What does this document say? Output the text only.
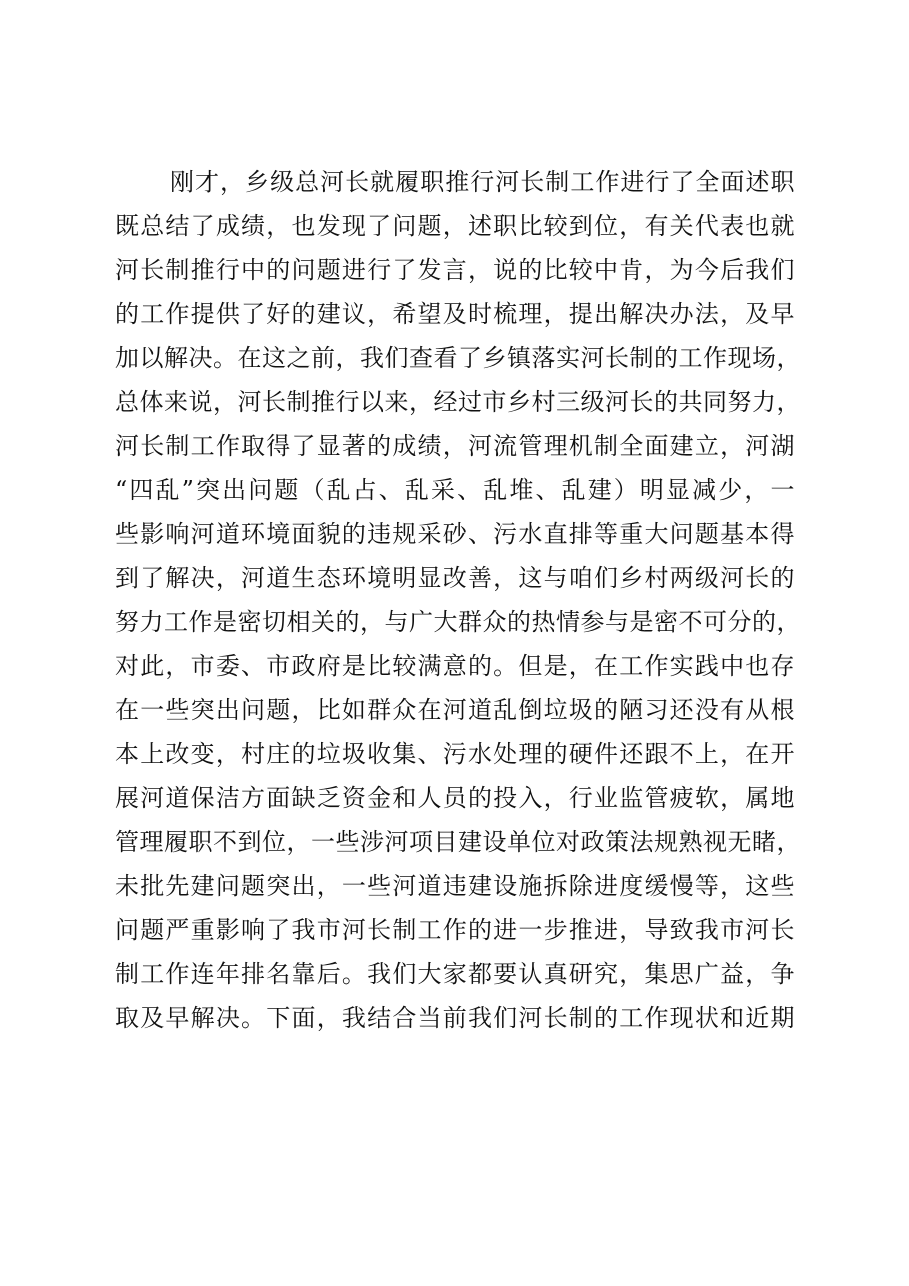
刚才，乡级总河长就履职推行河长制工作进行了全面述职
既总结了成绩，也发现了问题，述职比较到位，有关代表也就
河长制推行中的问题进行了发言，说的比较中肯，为今后我们
的工作提供了好的建议，希望及时梳理，提出解决办法，及早
加以解决。在这之前，我们查看了乡镇落实河长制的工作现场，
总体来说，河长制推行以来，经过市乡村三级河长的共同努力，
河长制工作取得了显著的成绩，河流管理机制全面建立，河湖
“四乱”突出问题（乱占、乱采、乱堆、乱建）明显减少，一
些影响河道环境面貌的违规采砂、污水直排等重大问题基本得
到了解决，河道生态环境明显改善，这与咱们乡村两级河长的
努力工作是密切相关的，与广大群众的热情参与是密不可分的，
对此，市委、市政府是比较满意的。但是，在工作实践中也存
在一些突出问题，比如群众在河道乱倒垃圾的陋习还没有从根
本上改变，村庄的垃圾收集、污水处理的硬件还跟不上，在开
展河道保洁方面缺乏资金和人员的投入，行业监管疲软，属地
管理履职不到位，一些涉河项目建设单位对政策法规熟视无睹，
未批先建问题突出，一些河道违建设施拆除进度缓慢等，这些
问题严重影响了我市河长制工作的进一步推进，导致我市河长
制工作连年排名靠后。我们大家都要认真研究，集思广益，争
取及早解决。下面，我结合当前我们河长制的工作现状和近期
